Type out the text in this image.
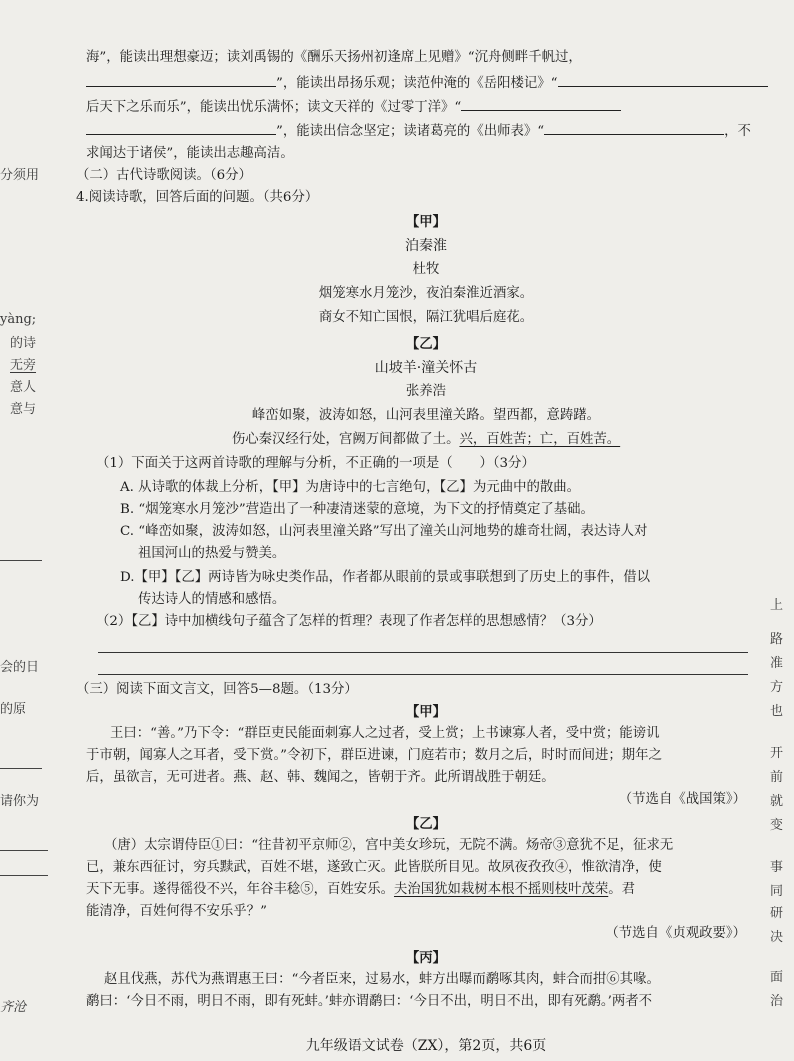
海”，能读出理想豪迈；读刘禹锡的《酬乐天扬州初逢席上见赠》“沉舟侧畔千帆过，
”，能读出昂扬乐观；读范仲淹的《岳阳楼记》“
后天下之乐而乐”，能读出忧乐满怀；读文天祥的《过零丁洋》“
”，能读出信念坚定；读诸葛亮的《出师表》“	，不
求闻达于诸侯”，能读出志趣高洁。
（二）古代诗歌阅读。（6分）
4.阅读诗歌，回答后面的问题。（共6分）
【甲】
泊秦淮
杜牧
烟笼寒水月笼沙，夜泊秦淮近酒家。
商女不知亡国恨，隔江犹唱后庭花。
【乙】
山坡羊·潼关怀古
张养浩
峰峦如聚，波涛如怒，山河表里潼关路。望西都，意踌躇。
伤心秦汉经行处，宫阙万间都做了土。兴，百姓苦；亡，百姓苦。
（1）下面关于这两首诗歌的理解与分析，不正确的一项是（　　）（3分）
A. 从诗歌的体裁上分析，【甲】为唐诗中的七言绝句，【乙】为元曲中的散曲。
B. “烟笼寒水月笼沙”营造出了一种凄清迷蒙的意境，为下文的抒情奠定了基础。
C. “峰峦如聚，波涛如怒，山河表里潼关路”写出了潼关山河地势的雄奇壮阔，表达诗人对
祖国河山的热爱与赞美。
D.【甲】【乙】两诗皆为咏史类作品，作者都从眼前的景或事联想到了历史上的事件，借以
传达诗人的情感和感悟。
（2）【乙】诗中加横线句子蕴含了怎样的哲理？表现了作者怎样的思想感情？（3分）
（三）阅读下面文言文，回答5—8题。（13分）
【甲】
王曰：“善。”乃下令：“群臣吏民能面刺寡人之过者，受上赏；上书谏寡人者，受中赏；能谤讥
于市朝，闻寡人之耳者，受下赏。”令初下，群臣进谏，门庭若市；数月之后，时时而间进；期年之
后，虽欲言，无可进者。燕、赵、韩、魏闻之，皆朝于齐。此所谓战胜于朝廷。
（节选自《战国策》）
【乙】
（唐）太宗谓侍臣①曰：“往昔初平京师②，宫中美女珍玩，无院不满。炀帝③意犹不足，征求无
已，兼东西征讨，穷兵黩武，百姓不堪，遂致亡灭。此皆朕所目见。故夙夜孜孜④，惟欲清净，使
天下无事。遂得徭役不兴，年谷丰稔⑤，百姓安乐。夫治国犹如栽树本根不摇则枝叶茂荣。君
能清净，百姓何得不安乐乎？”
（节选自《贞观政要》）
【丙】
赵且伐燕，苏代为燕谓惠王曰：“今者臣来，过易水，蚌方出曝而鹬啄其肉，蚌合而拑⑥其喙。
鹬曰：‘今日不雨，明日不雨，即有死蚌。’蚌亦谓鹬曰：‘今日不出，明日不出，即有死鹬。’两者不
九年级语文试卷（ZX），第2页，共6页
分须用
yàng;
的诗
无旁
意人
意与
会的日
的原
请你为
齐沧
上
路
准
方
也
开
前
就
变
事
同
研
决
面
治
